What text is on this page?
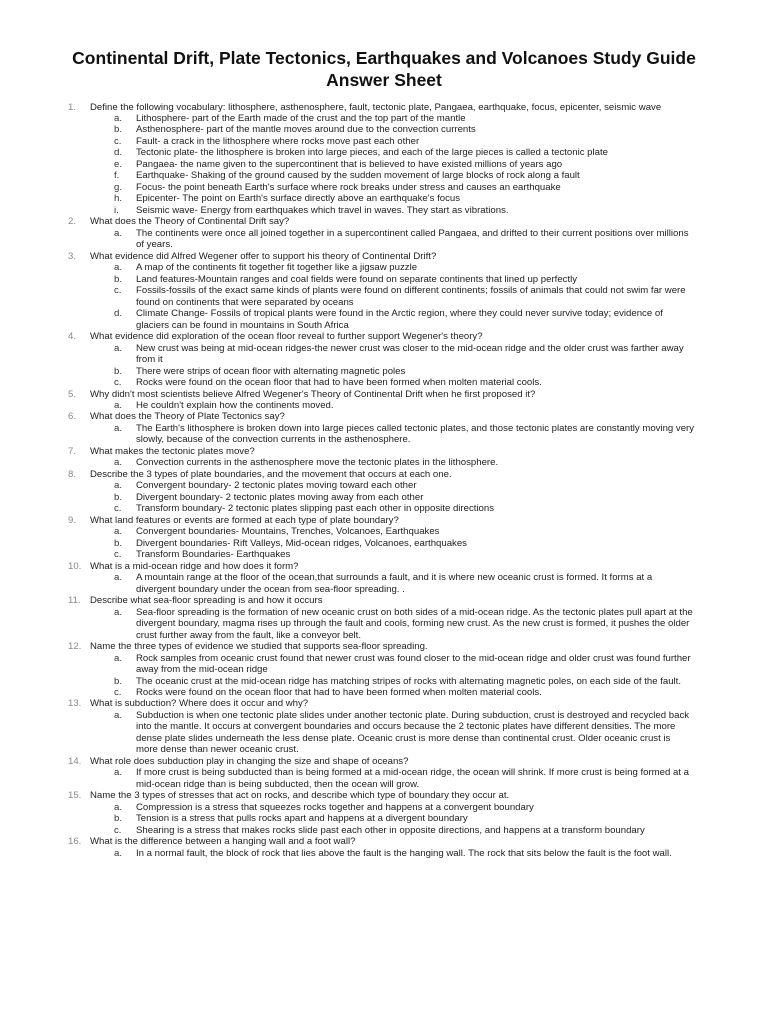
Continental Drift, Plate Tectonics, Earthquakes and Volcanoes Study Guide
Answer Sheet
1. Define the following vocabulary: lithosphere, asthenosphere, fault, tectonic plate, Pangaea, earthquake, focus, epicenter, seismic wave
a. Lithosphere- part of the Earth made of the crust and the top part of the mantle
b. Asthenosphere- part of the mantle moves around due to the convection currents
c. Fault- a crack in the lithosphere where rocks move past each other
d. Tectonic plate- the lithosphere is broken into large pieces, and each of the large pieces is called a tectonic plate
e. Pangaea- the name given to the supercontinent that is believed to have existed millions of years ago
f. Earthquake- Shaking of the ground caused by the sudden movement of large blocks of rock along a fault
g. Focus- the point beneath Earth's surface where rock breaks under stress and causes an earthquake
h. Epicenter- The point on Earth's surface directly above an earthquake's focus
i. Seismic wave- Energy from earthquakes which travel in waves. They start as vibrations.
2. What does the Theory of Continental Drift say?
a. The continents were once all joined together in a supercontinent called Pangaea, and drifted to their current positions over millions
of years.
3. What evidence did Alfred Wegener offer to support his theory of Continental Drift?
a. A map of the continents fit together fit together like a jigsaw puzzle
b. Land features-Mountain ranges and coal fields were found on separate continents that lined up perfectly
c. Fossils-fossils of the exact same kinds of plants were found on different continents; fossils of animals that could not swim far were
found on continents that were separated by oceans
d. Climate Change- Fossils of tropical plants were found in the Arctic region, where they could never survive today; evidence of
glaciers can be found in mountains in South Africa
4. What evidence did exploration of the ocean floor reveal to further support Wegener's theory?
a. New crust was being at mid-ocean ridges-the newer crust was closer to the mid-ocean ridge and the older crust was farther away
from it
b. There were strips of ocean floor with alternating magnetic poles
c. Rocks were found on the ocean floor that had to have been formed when molten material cools.
5. Why didn't most scientists believe Alfred Wegener's Theory of Continental Drift when he first proposed it?
a. He couldn't explain how the continents moved.
6. What does the Theory of Plate Tectonics say?
a. The Earth's lithosphere is broken down into large pieces called tectonic plates, and those tectonic plates are constantly moving very
slowly, because of the convection currents in the asthenosphere.
7. What makes the tectonic plates move?
a. Convection currents in the asthenosphere move the tectonic plates in the lithosphere.
8. Describe the 3 types of plate boundaries, and the movement that occurs at each one.
a. Convergent boundary- 2 tectonic plates moving toward each other
b. Divergent boundary- 2 tectonic plates moving away from each other
c. Transform boundary- 2 tectonic plates slipping past each other in opposite directions
9. What land features or events are formed at each type of plate boundary?
a. Convergent boundaries- Mountains, Trenches, Volcanoes, Earthquakes
b. Divergent boundaries- Rift Valleys, Mid-ocean ridges, Volcanoes, earthquakes
c. Transform Boundaries- Earthquakes
10. What is a mid-ocean ridge and how does it form?
a. A mountain range at the floor of the ocean,that surrounds a fault, and it is where new oceanic crust is formed. It forms at a
divergent boundary under the ocean from sea-floor spreading. .
11. Describe what sea-floor spreading is and how it occurs
a. Sea-floor spreading is the formation of new oceanic crust on both sides of a mid-ocean ridge. As the tectonic plates pull apart at the
divergent boundary, magma rises up through the fault and cools, forming new crust. As the new crust is formed, it pushes the older
crust further away from the fault, like a conveyor belt.
12. Name the three types of evidence we studied that supports sea-floor spreading.
a. Rock samples from oceanic crust found that newer crust was found closer to the mid-ocean ridge and older crust was found further
away from the mid-ocean ridge
b. The oceanic crust at the mid-ocean ridge has matching stripes of rocks with alternating magnetic poles, on each side of the fault.
c. Rocks were found on the ocean floor that had to have been formed when molten material cools.
13. What is subduction? Where does it occur and why?
a. Subduction is when one tectonic plate slides under another tectonic plate. During subduction, crust is destroyed and recycled back
into the mantle. It occurs at convergent boundaries and occurs because the 2 tectonic plates have different densities. The more
dense plate slides underneath the less dense plate. Oceanic crust is more dense than continental crust. Older oceanic crust is
more dense than newer oceanic crust.
14. What role does subduction play in changing the size and shape of oceans?
a. If more crust is being subducted than is being formed at a mid-ocean ridge, the ocean will shrink. If more crust is being formed at a
mid-ocean ridge than is being subducted, then the ocean will grow.
15. Name the 3 types of stresses that act on rocks, and describe which type of boundary they occur at.
a. Compression is a stress that squeezes rocks together and happens at a convergent boundary
b. Tension is a stress that pulls rocks apart and happens at a divergent boundary
c. Shearing is a stress that makes rocks slide past each other in opposite directions, and happens at a transform boundary
16. What is the difference between a hanging wall and a foot wall?
a. In a normal fault, the block of rock that lies above the fault is the hanging wall. The rock that sits below the fault is the foot wall.
